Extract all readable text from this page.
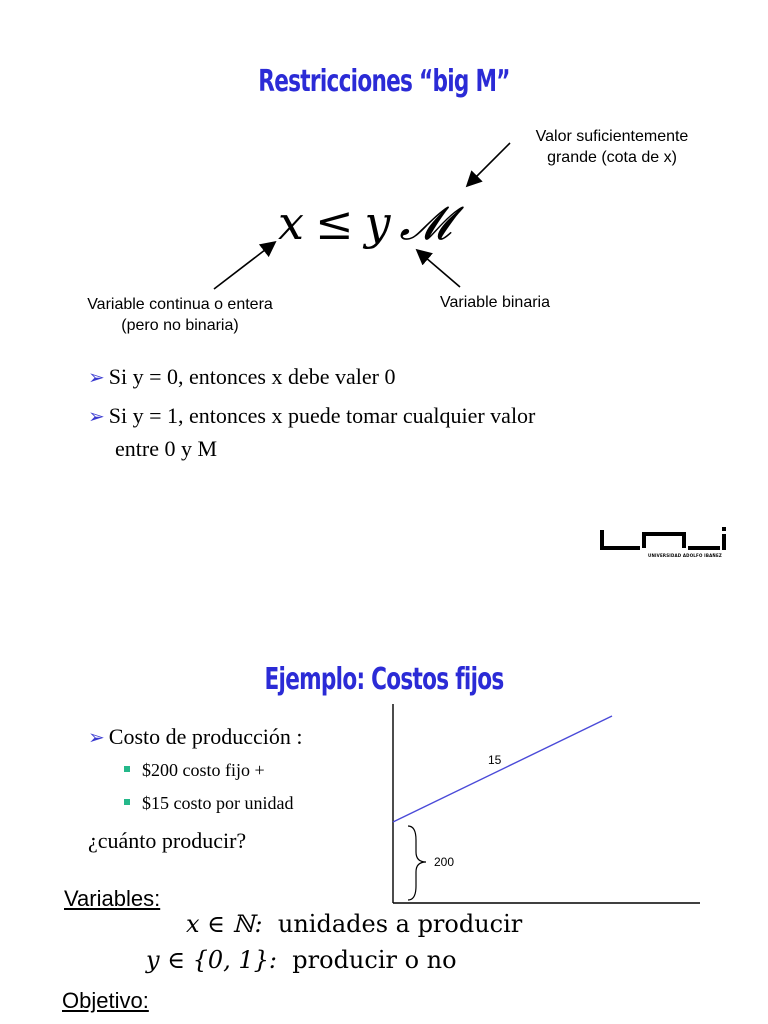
Restricciones “big M”
Valor suficientemente
grande (cota de x)
x ≤ y 𝓜
Variable continua o entera
(pero no binaria)
Variable binaria
➢ Si y = 0, entonces x debe valer 0
➢ Si y = 1, entonces x puede tomar cualquier valor
entre 0 y M
UNIVERSIDAD ADOLFO IBAÑEZ
Ejemplo: Costos fijos
➢ Costo de producción :
$200 costo fijo +
$15 costo por unidad
¿cuánto producir?
15
200
Variables:
x ∈ ℕ: unidades a producir
y ∈ {0, 1}: producir o no
Objetivo:
